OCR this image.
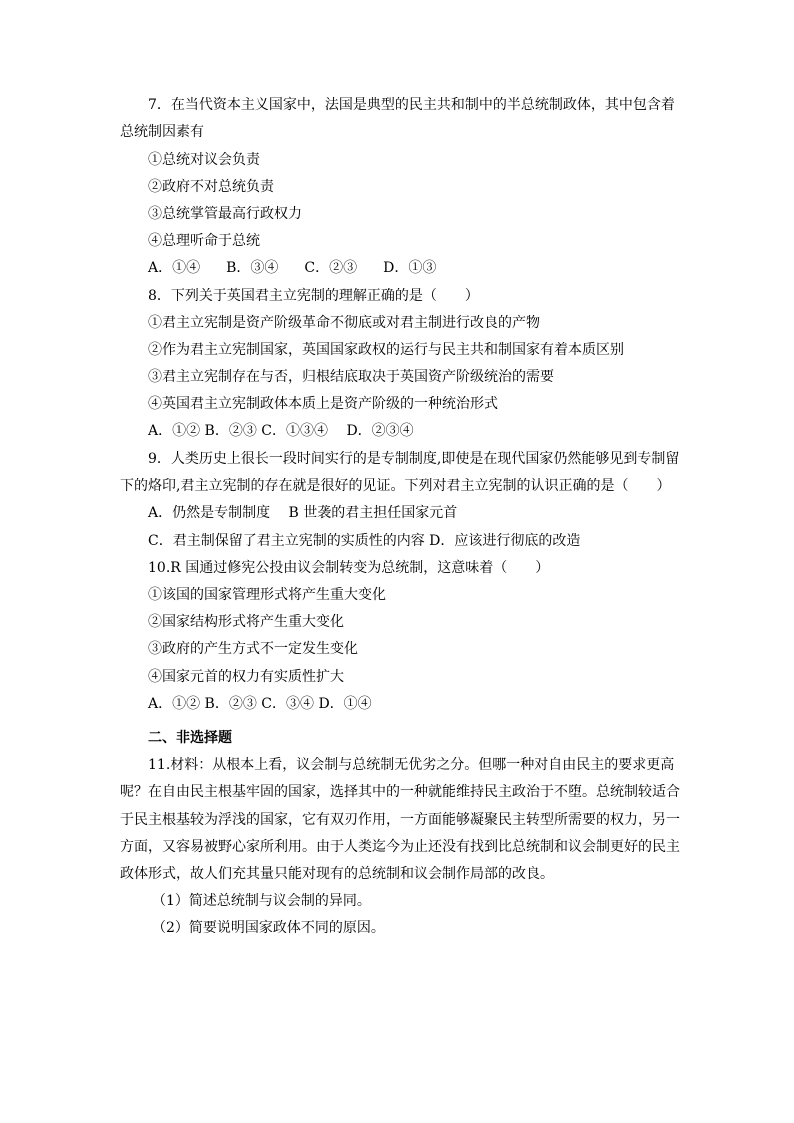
7．在当代资本主义国家中，法国是典型的民主共和制中的半总统制政体，其中包含着
总统制因素有
①总统对议会负责
②政府不对总统负责
③总统掌管最高行政权力
④总理听命于总统
A．①④ B．③④ C．②③ D．①③
8．下列关于英国君主立宪制的理解正确的是（　　）
①君主立宪制是资产阶级革命不彻底或对君主制进行改良的产物
②作为君主立宪制国家，英国国家政权的运行与民主共和制国家有着本质区别
③君主立宪制存在与否，归根结底取决于英国资产阶级统治的需要
④英国君主立宪制政体本质上是资产阶级的一种统治形式
A．①② B．②③ C．①③④　 D．②③④
9．人类历史上很长一段时间实行的是专制制度,即使是在现代国家仍然能够见到专制留
下的烙印,君主立宪制的存在就是很好的见证。下列对君主立宪制的认识正确的是（　　）
A．仍然是专制制度　 B 世袭的君主担任国家元首
C．君主制保留了君主立宪制的实质性的内容 D．应该进行彻底的改造
10.R 国通过修宪公投由议会制转变为总统制，这意味着（　　）
①该国的国家管理形式将产生重大变化
②国家结构形式将产生重大变化
③政府的产生方式不一定发生变化
④国家元首的权力有实质性扩大
A．①② B．②③ C．③④ D．①④
二、非选择题
11.材料：从根本上看，议会制与总统制无优劣之分。但哪一种对自由民主的要求更高
呢？在自由民主根基牢固的国家，选择其中的一种就能维持民主政治于不堕。总统制较适合
于民主根基较为浮浅的国家，它有双刃作用，一方面能够凝聚民主转型所需要的权力，另一
方面，又容易被野心家所利用。由于人类迄今为止还没有找到比总统制和议会制更好的民主
政体形式，故人们充其量只能对现有的总统制和议会制作局部的改良。
（1）简述总统制与议会制的异同。
（2）简要说明国家政体不同的原因。
